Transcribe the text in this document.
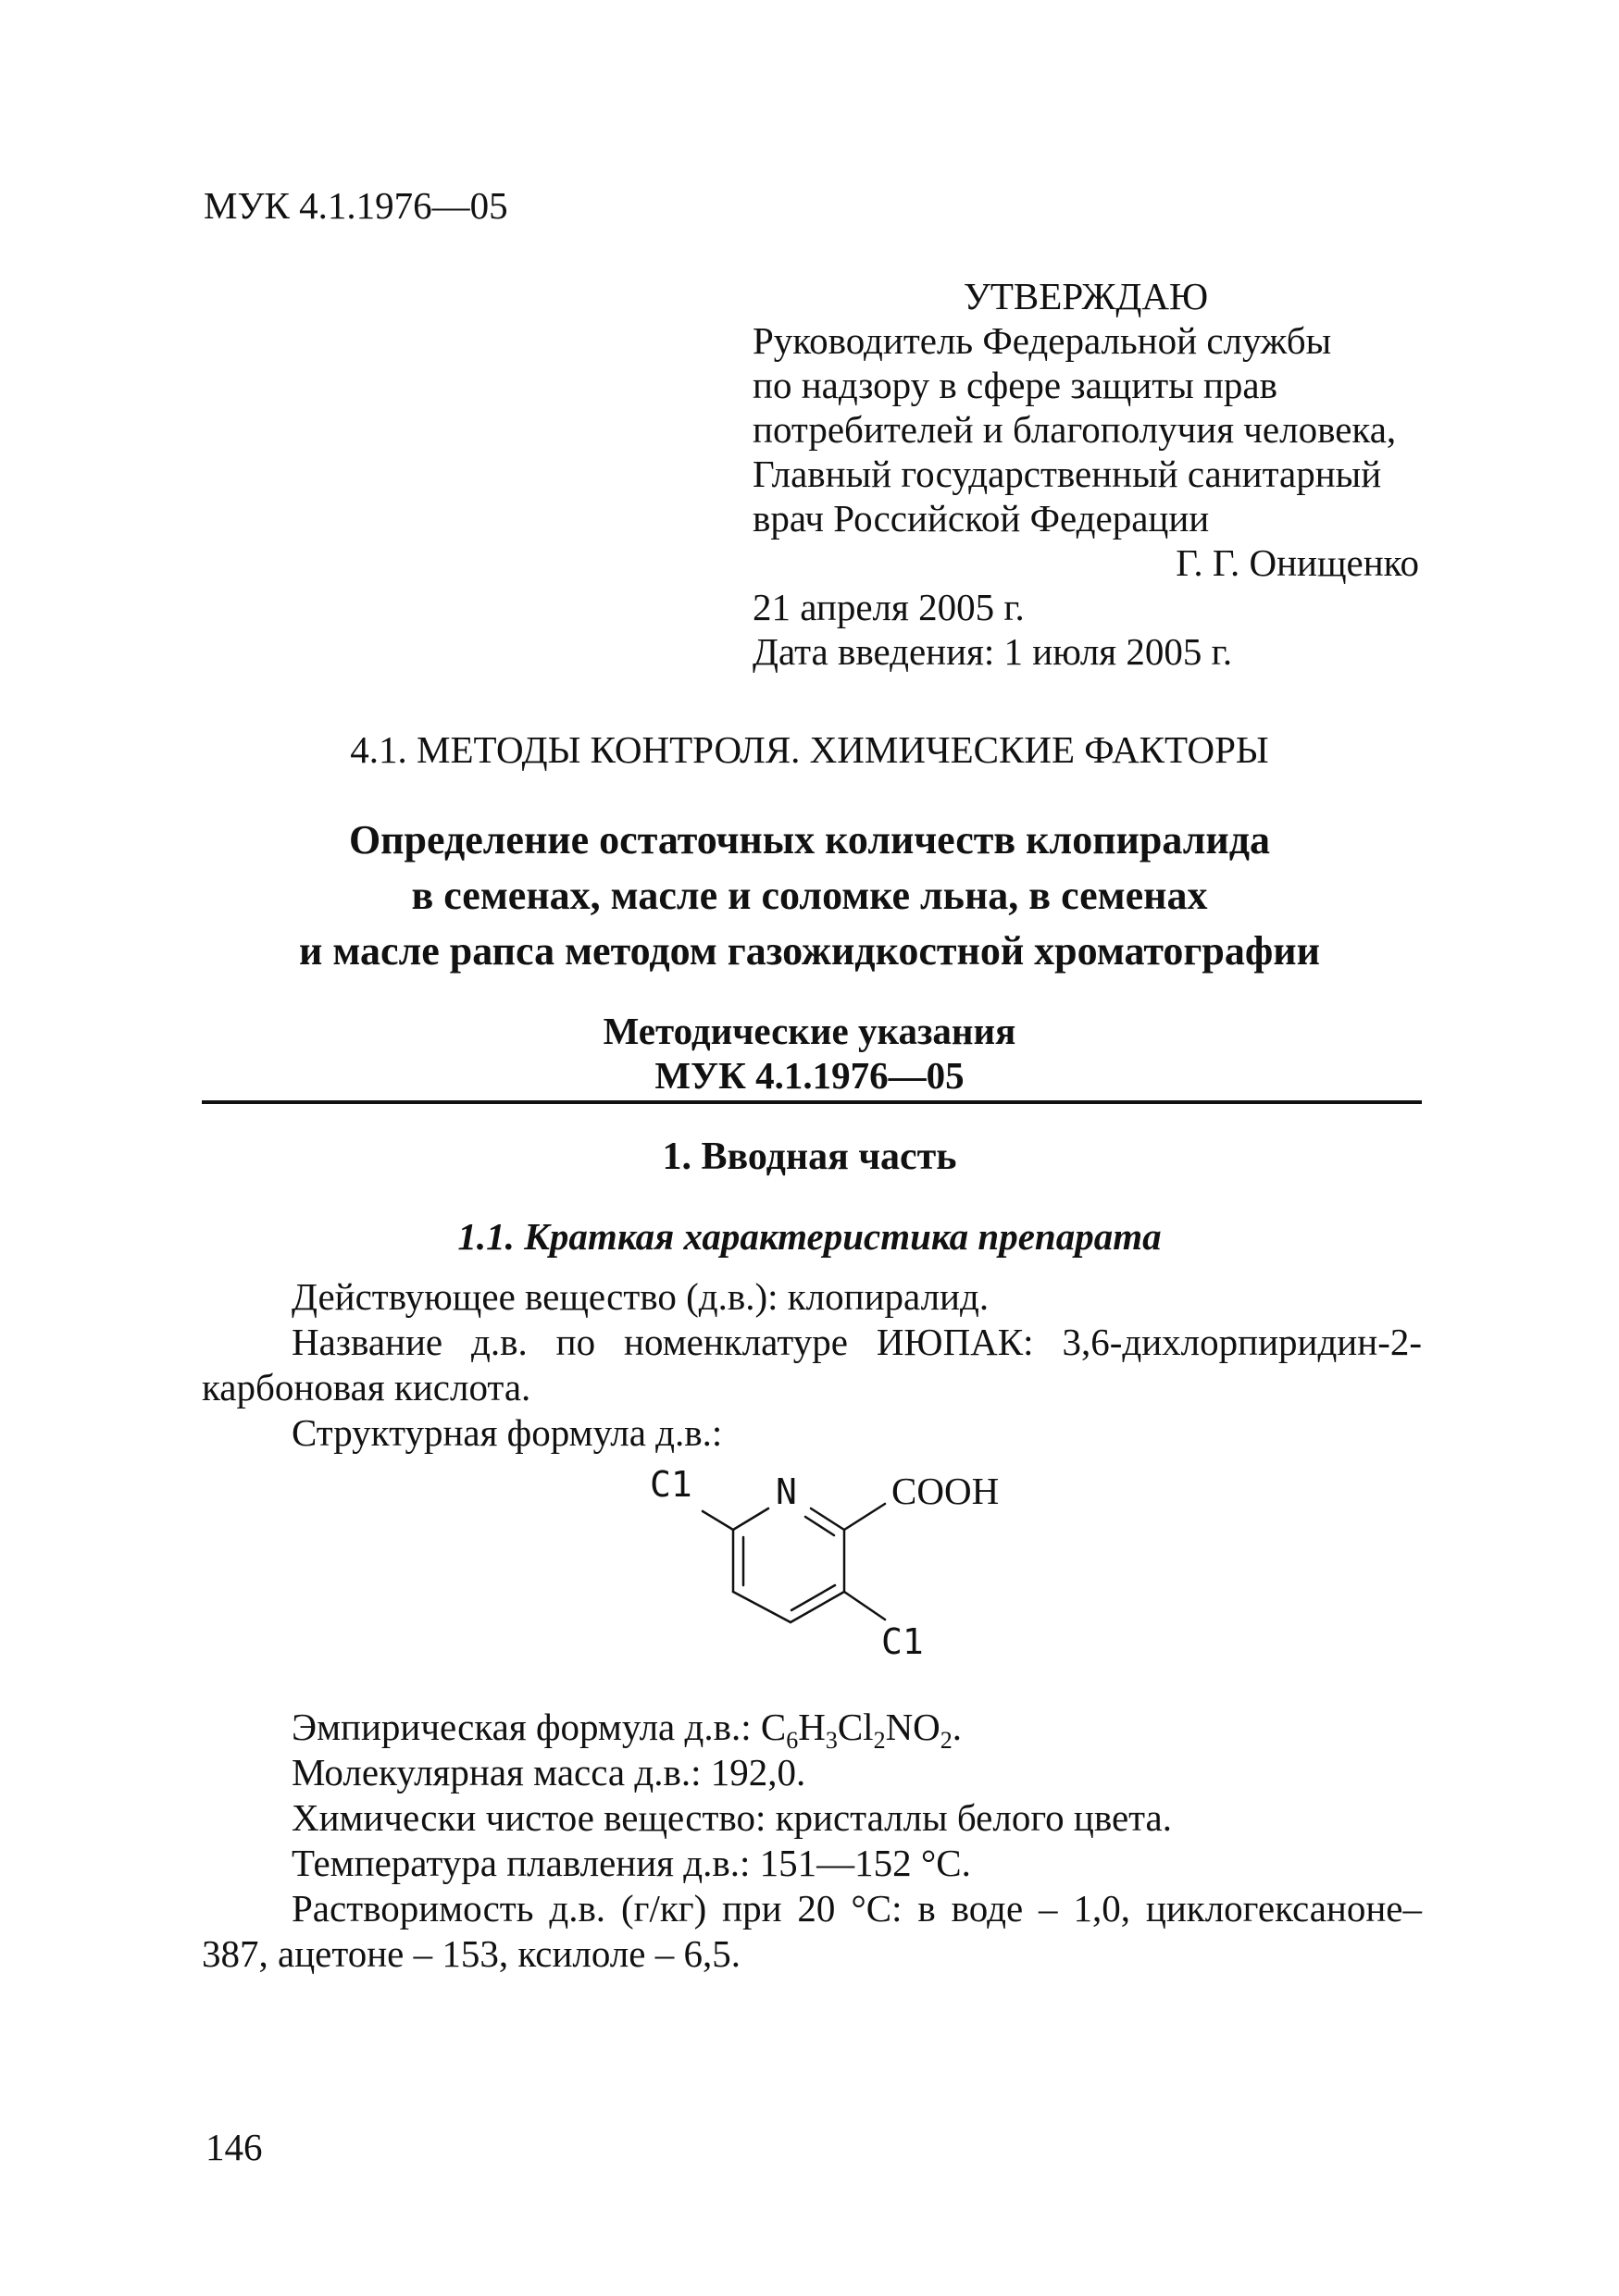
МУК 4.1.1976—05
УТВЕРЖДАЮ
Руководитель Федеральной службы
по надзору в сфере защиты прав
потребителей и благополучия человека,
Главный государственный санитарный
врач Российской Федерации
Г. Г. Онищенко
21 апреля 2005 г.
Дата введения: 1 июля 2005 г.
4.1. МЕТОДЫ КОНТРОЛЯ. ХИМИЧЕСКИЕ ФАКТОРЫ
Определение остаточных количеств клопиралида
в семенах, масле и соломке льна, в семенах
и масле рапса методом газожидкостной хроматографии
Методические указания
МУК 4.1.1976—05
1. Вводная часть
1.1. Краткая характеристика препарата
Действующее вещество (д.в.): клопиралид.
Название д.в. по номенклатуре ИЮПАК: 3,6-дихлорпиридин-2-
карбоновая кислота.
Структурная формула д.в.:
C1 N COOH
C1
Эмпирическая формула д.в.: $C_6H_3Cl_2NO_2$.
Молекулярная масса д.в.: 192,0.
Химически чистое вещество: кристаллы белого цвета.
Температура плавления д.в.: 151—152 °С.
Растворимость д.в. (г/кг) при 20 °С: в воде – 1,0, циклогексаноне–
387, ацетоне – 153, ксилоле – 6,5.
146
